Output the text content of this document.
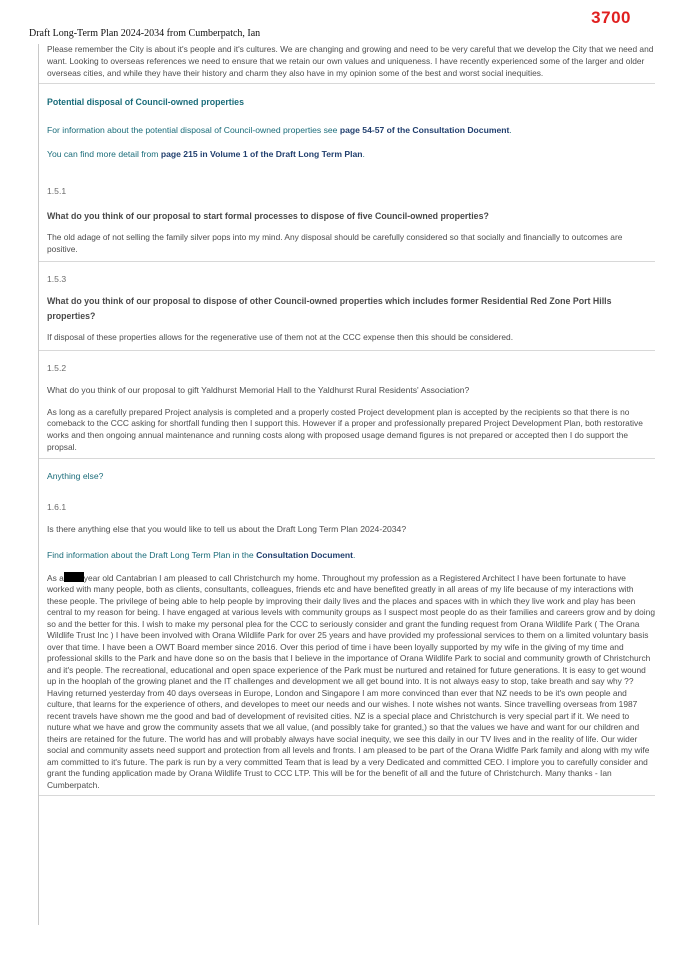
3700
Draft Long-Term Plan 2024-2034 from Cumberpatch, Ian

Please remember the City is about it's people and it's cultures. We are changing and growing and need to be very careful that we develop the City that we need and want. Looking to overseas references we need to ensure that we retain our own values and uniqueness. I have recently experienced some of the larger and older overseas cities, and while they have their history and charm they also have in my opinion some of the best and worst social inequities.

Potential disposal of Council-owned properties

For information about the potential disposal of Council-owned properties see page 54-57 of the Consultation Document.

You can find more detail from page 215 in Volume 1 of the Draft Long Term Plan.

1.5.1

What do you think of our proposal to start formal processes to dispose of five Council-owned properties?

The old adage of not selling the family silver pops into my mind. Any disposal should be carefully considered so that socially and financially to outcomes are positive.

1.5.3

What do you think of our proposal to dispose of other Council-owned properties which includes former Residential Red Zone Port Hills properties?

If disposal of these properties allows for the regenerative use of them not at the CCC expense then this should be considered.

1.5.2

What do you think of our proposal to gift Yaldhurst Memorial Hall to the Yaldhurst Rural Residents' Association?

As long as a carefully prepared Project analysis is completed and a properly costed Project development plan is accepted by the recipients so that there is no comeback to the CCC asking for shortfall funding then I support this. However if a proper and professionally prepared Project Development Plan, both restorative works and then ongoing annual maintenance and running costs along with proposed usage demand figures is not prepared or accepted then I do support the propsal.

Anything else?

1.6.1

Is there anything else that you would like to tell us about the Draft Long Term Plan 2024-2034?

Find information about the Draft Long Term Plan in the Consultation Document.

As a year old Cantabrian I am pleased to call Christchurch my home. Throughout my profession as a Registered Architect I have been fortunate to have worked with many people, both as clients, consultants, colleagues, friends etc and have benefited greatly in all areas of my life because of my interactions with these people. The privilege of being able to help people by improving their daily lives and the places and spaces with in which they live work and play has been central to my reason for being. I have engaged at various levels with community groups as I suspect most people do as their families and careers grow and by doing so and the better for this. I wish to make my personal plea for the CCC to seriously consider and grant the funding request from Orana Wildlife Park ( The Orana Wildlife Trust Inc ) I have been involved with Orana Wildlife Park for over 25 years and have provided my professional services to them on a limited voluntary basis over that time. I have been a OWT Board member since 2016. Over this period of time i have been loyally supported by my wife in the giving of my time and professional skills to the Park and have done so on the basis that I believe in the importance of Orana Wildlife Park to social and community growth of Christchurch and it's people. The recreational, educational and open space experience of the Park must be nurtured and retained for future generations. It is easy to get wound up in the hooplah of the growing planet and the IT challenges and development we all get bound into. It is not always easy to stop, take breath and say why ?? Having returned yesterday from 40 days overseas in Europe, London and Singapore I am more convinced than ever that NZ needs to be it's own people and culture, that learns for the experience of others, and developes to meet our needs and our wishes. I note wishes not wants. Since travelling overseas from 1987 recent travels have shown me the good and bad of development of revisited cities. NZ is a special place and Christchurch is very special part if it. We need to nuture what we have and grow the community assets that we all value, (and possibly take for granted,) so that the values we have and want for our children and theirs are retained for the future. The world has and will probably always have social inequity, we see this daily in our TV lives and in the reality of life. Our wider social and community assets need support and protection from all levels and fronts. I am pleased to be part of the Orana Widlfe Park family and along with my wife am committed to it's future. The park is run by a very committed Team that is lead by a very Dedicated and committed CEO. I implore you to carefully consider and grant the funding application made by Orana Wildlife Trust to CCC LTP. This will be for the benefit of all and the future of Christchurch. Many thanks - Ian Cumberpatch.
